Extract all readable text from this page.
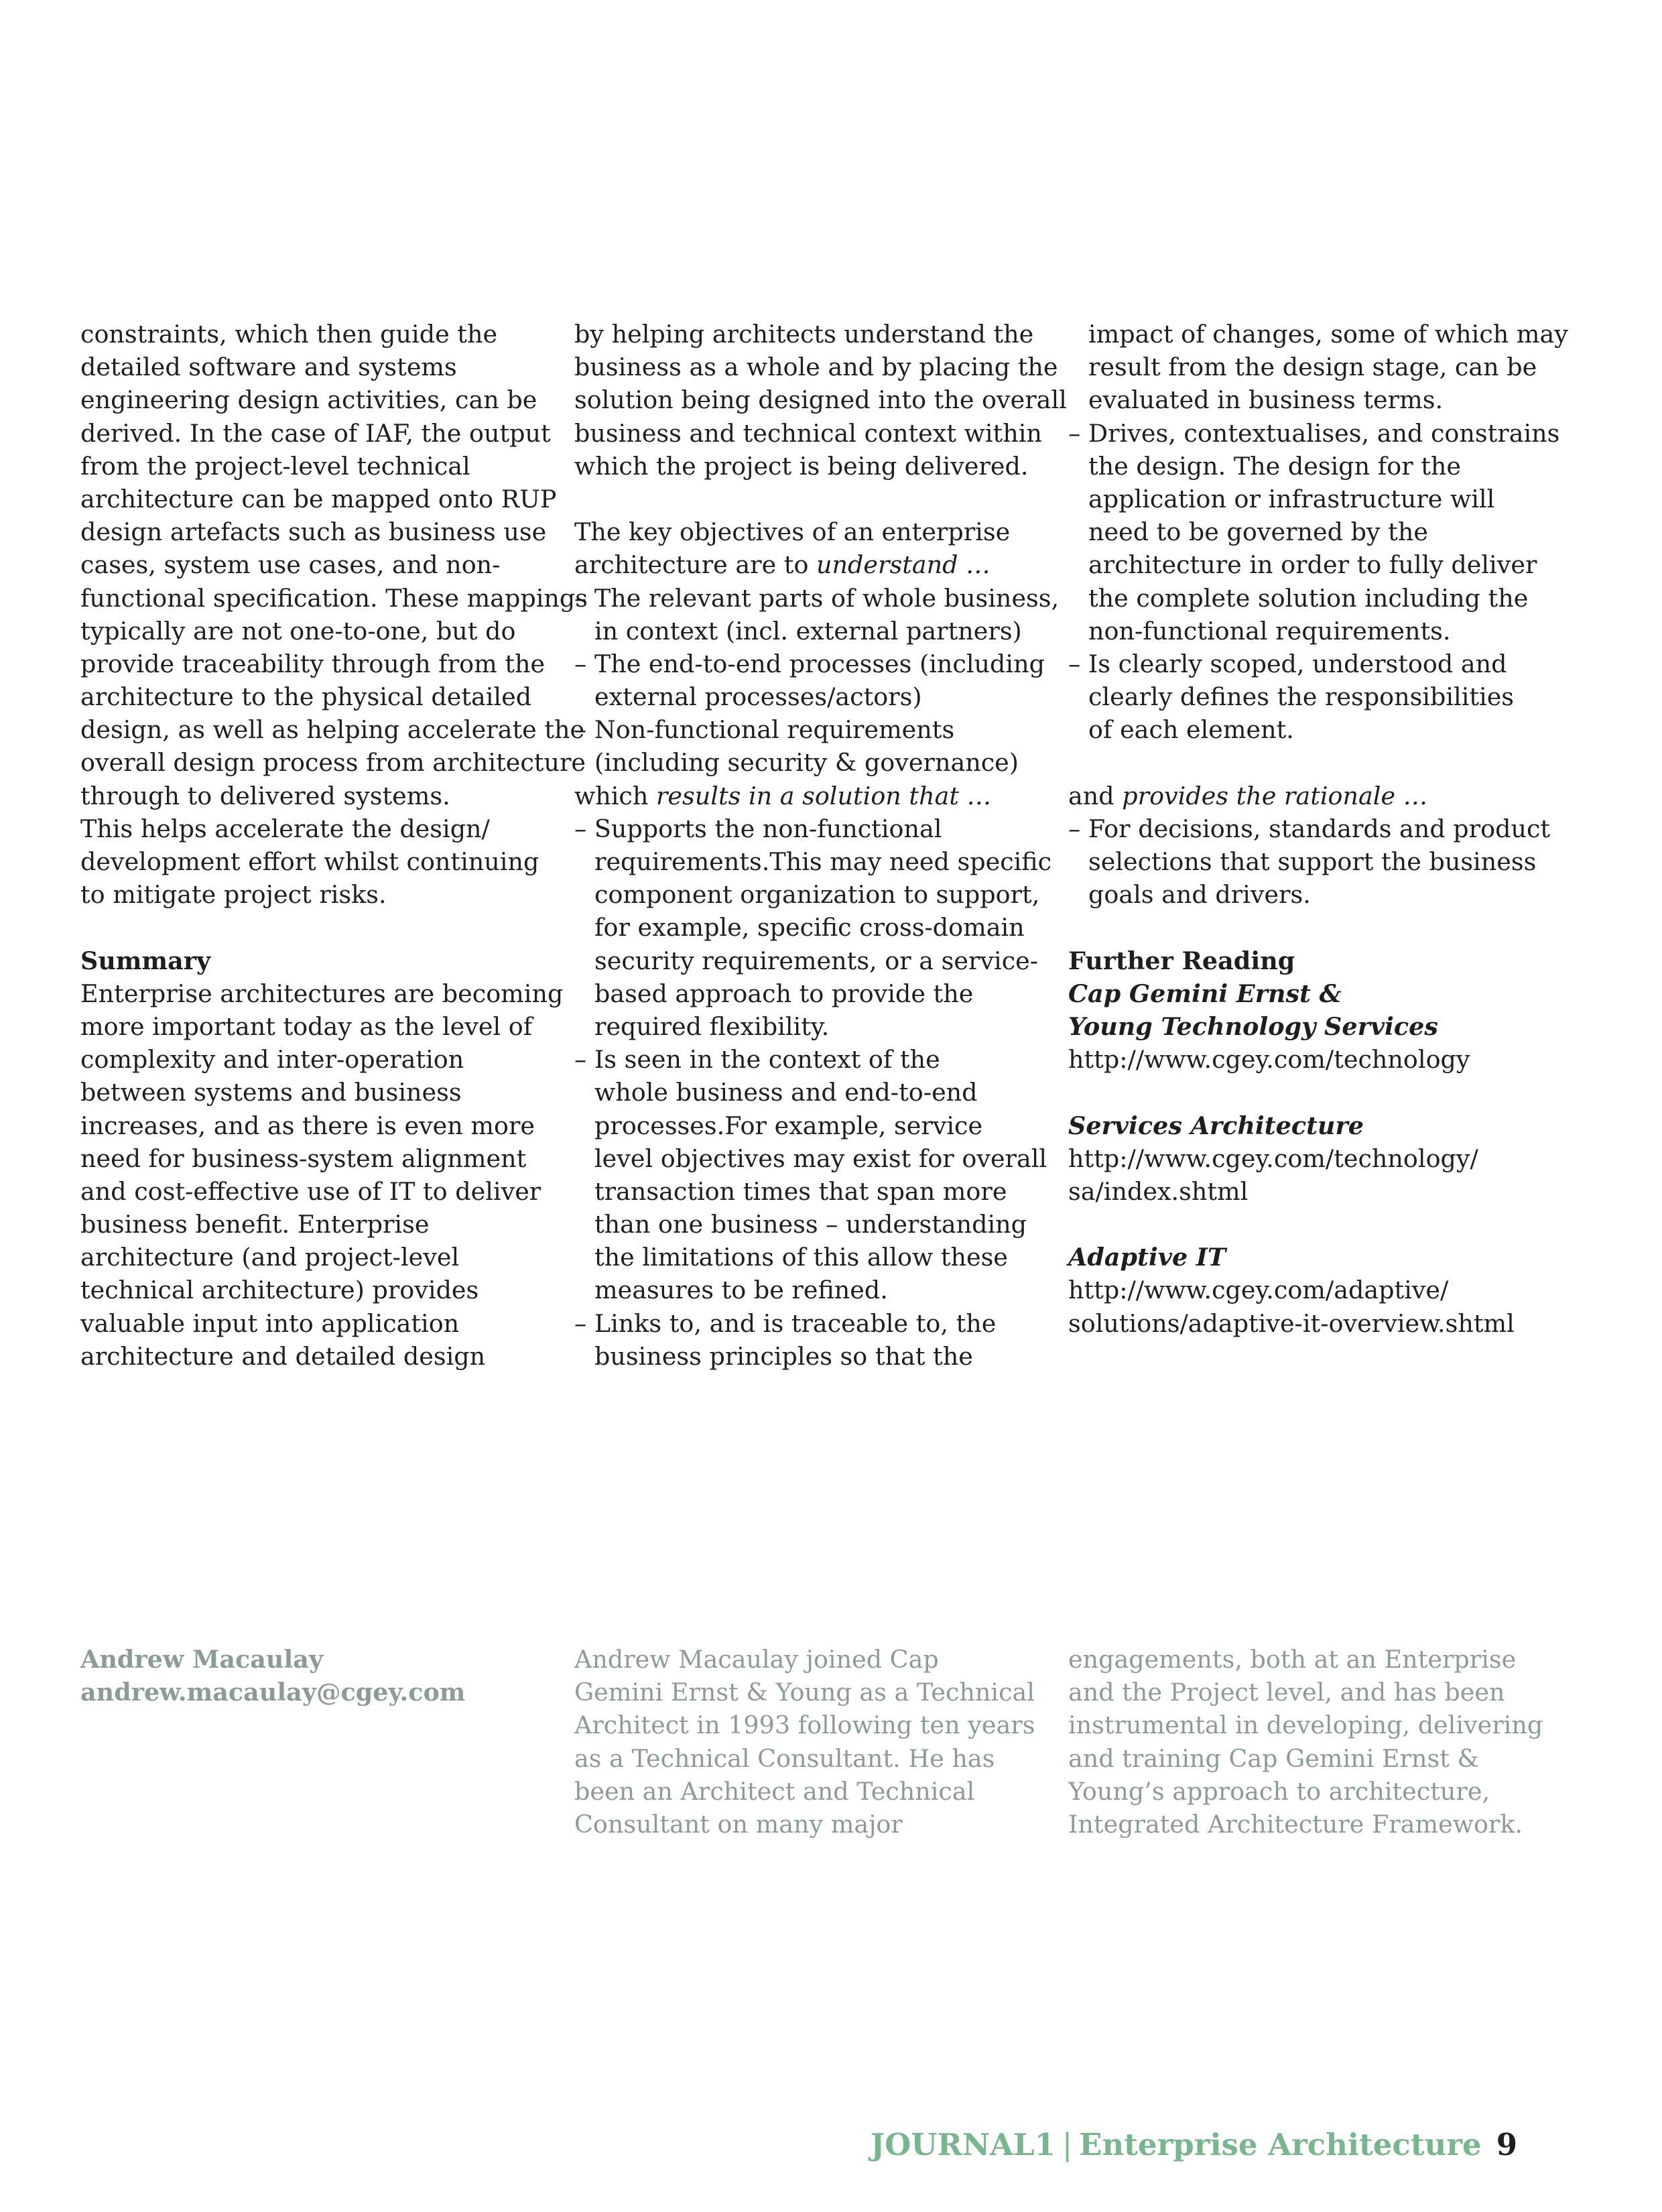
constraints, which then guide the
detailed software and systems
engineering design activities, can be
derived. In the case of IAF, the output
from the project-level technical
architecture can be mapped onto RUP
design artefacts such as business use
cases, system use cases, and non-
functional specification. These mappings
typically are not one-to-one, but do
provide traceability through from the
architecture to the physical detailed
design, as well as helping accelerate the
overall design process from architecture
through to delivered systems.
This helps accelerate the design/
development effort whilst continuing
to mitigate project risks.
Summary
Enterprise architectures are becoming
more important today as the level of
complexity and inter-operation
between systems and business
increases, and as there is even more
need for business-system alignment
and cost-effective use of IT to deliver
business benefit. Enterprise
architecture (and project-level
technical architecture) provides
valuable input into application
architecture and detailed design
by helping architects understand the
business as a whole and by placing the
solution being designed into the overall
business and technical context within
which the project is being delivered.
The key objectives of an enterprise
architecture are to understand …
– The relevant parts of whole business,
in context (incl. external partners)
– The end-to-end processes (including
external processes/actors)
– Non-functional requirements
(including security & governance)
which results in a solution that …
– Supports the non-functional
requirements.This may need specific
component organization to support,
for example, specific cross-domain
security requirements, or a service-
based approach to provide the
required flexibility.
– Is seen in the context of the
whole business and end-to-end
processes.For example, service
level objectives may exist for overall
transaction times that span more
than one business – understanding
the limitations of this allow these
measures to be refined.
– Links to, and is traceable to, the
business principles so that the
impact of changes, some of which may
result from the design stage, can be
evaluated in business terms.
– Drives, contextualises, and constrains
the design. The design for the
application or infrastructure will
need to be governed by the
architecture in order to fully deliver
the complete solution including the
non-functional requirements.
– Is clearly scoped, understood and
clearly defines the responsibilities
of each element.
and provides the rationale …
– For decisions, standards and product
selections that support the business
goals and drivers.
Further Reading
Cap Gemini Ernst &
Young Technology Services
http://www.cgey.com/technology
Services Architecture
http://www.cgey.com/technology/
sa/index.shtml
Adaptive IT
http://www.cgey.com/adaptive/
solutions/adaptive-it-overview.shtml
Andrew Macaulay
andrew.macaulay@cgey.com
Andrew Macaulay joined Cap
Gemini Ernst & Young as a Technical
Architect in 1993 following ten years
as a Technical Consultant. He has
been an Architect and Technical
Consultant on many major
engagements, both at an Enterprise
and the Project level, and has been
instrumental in developing, delivering
and training Cap Gemini Ernst &
Young’s approach to architecture,
Integrated Architecture Framework.
JOURNAL1 | Enterprise Architecture 9
